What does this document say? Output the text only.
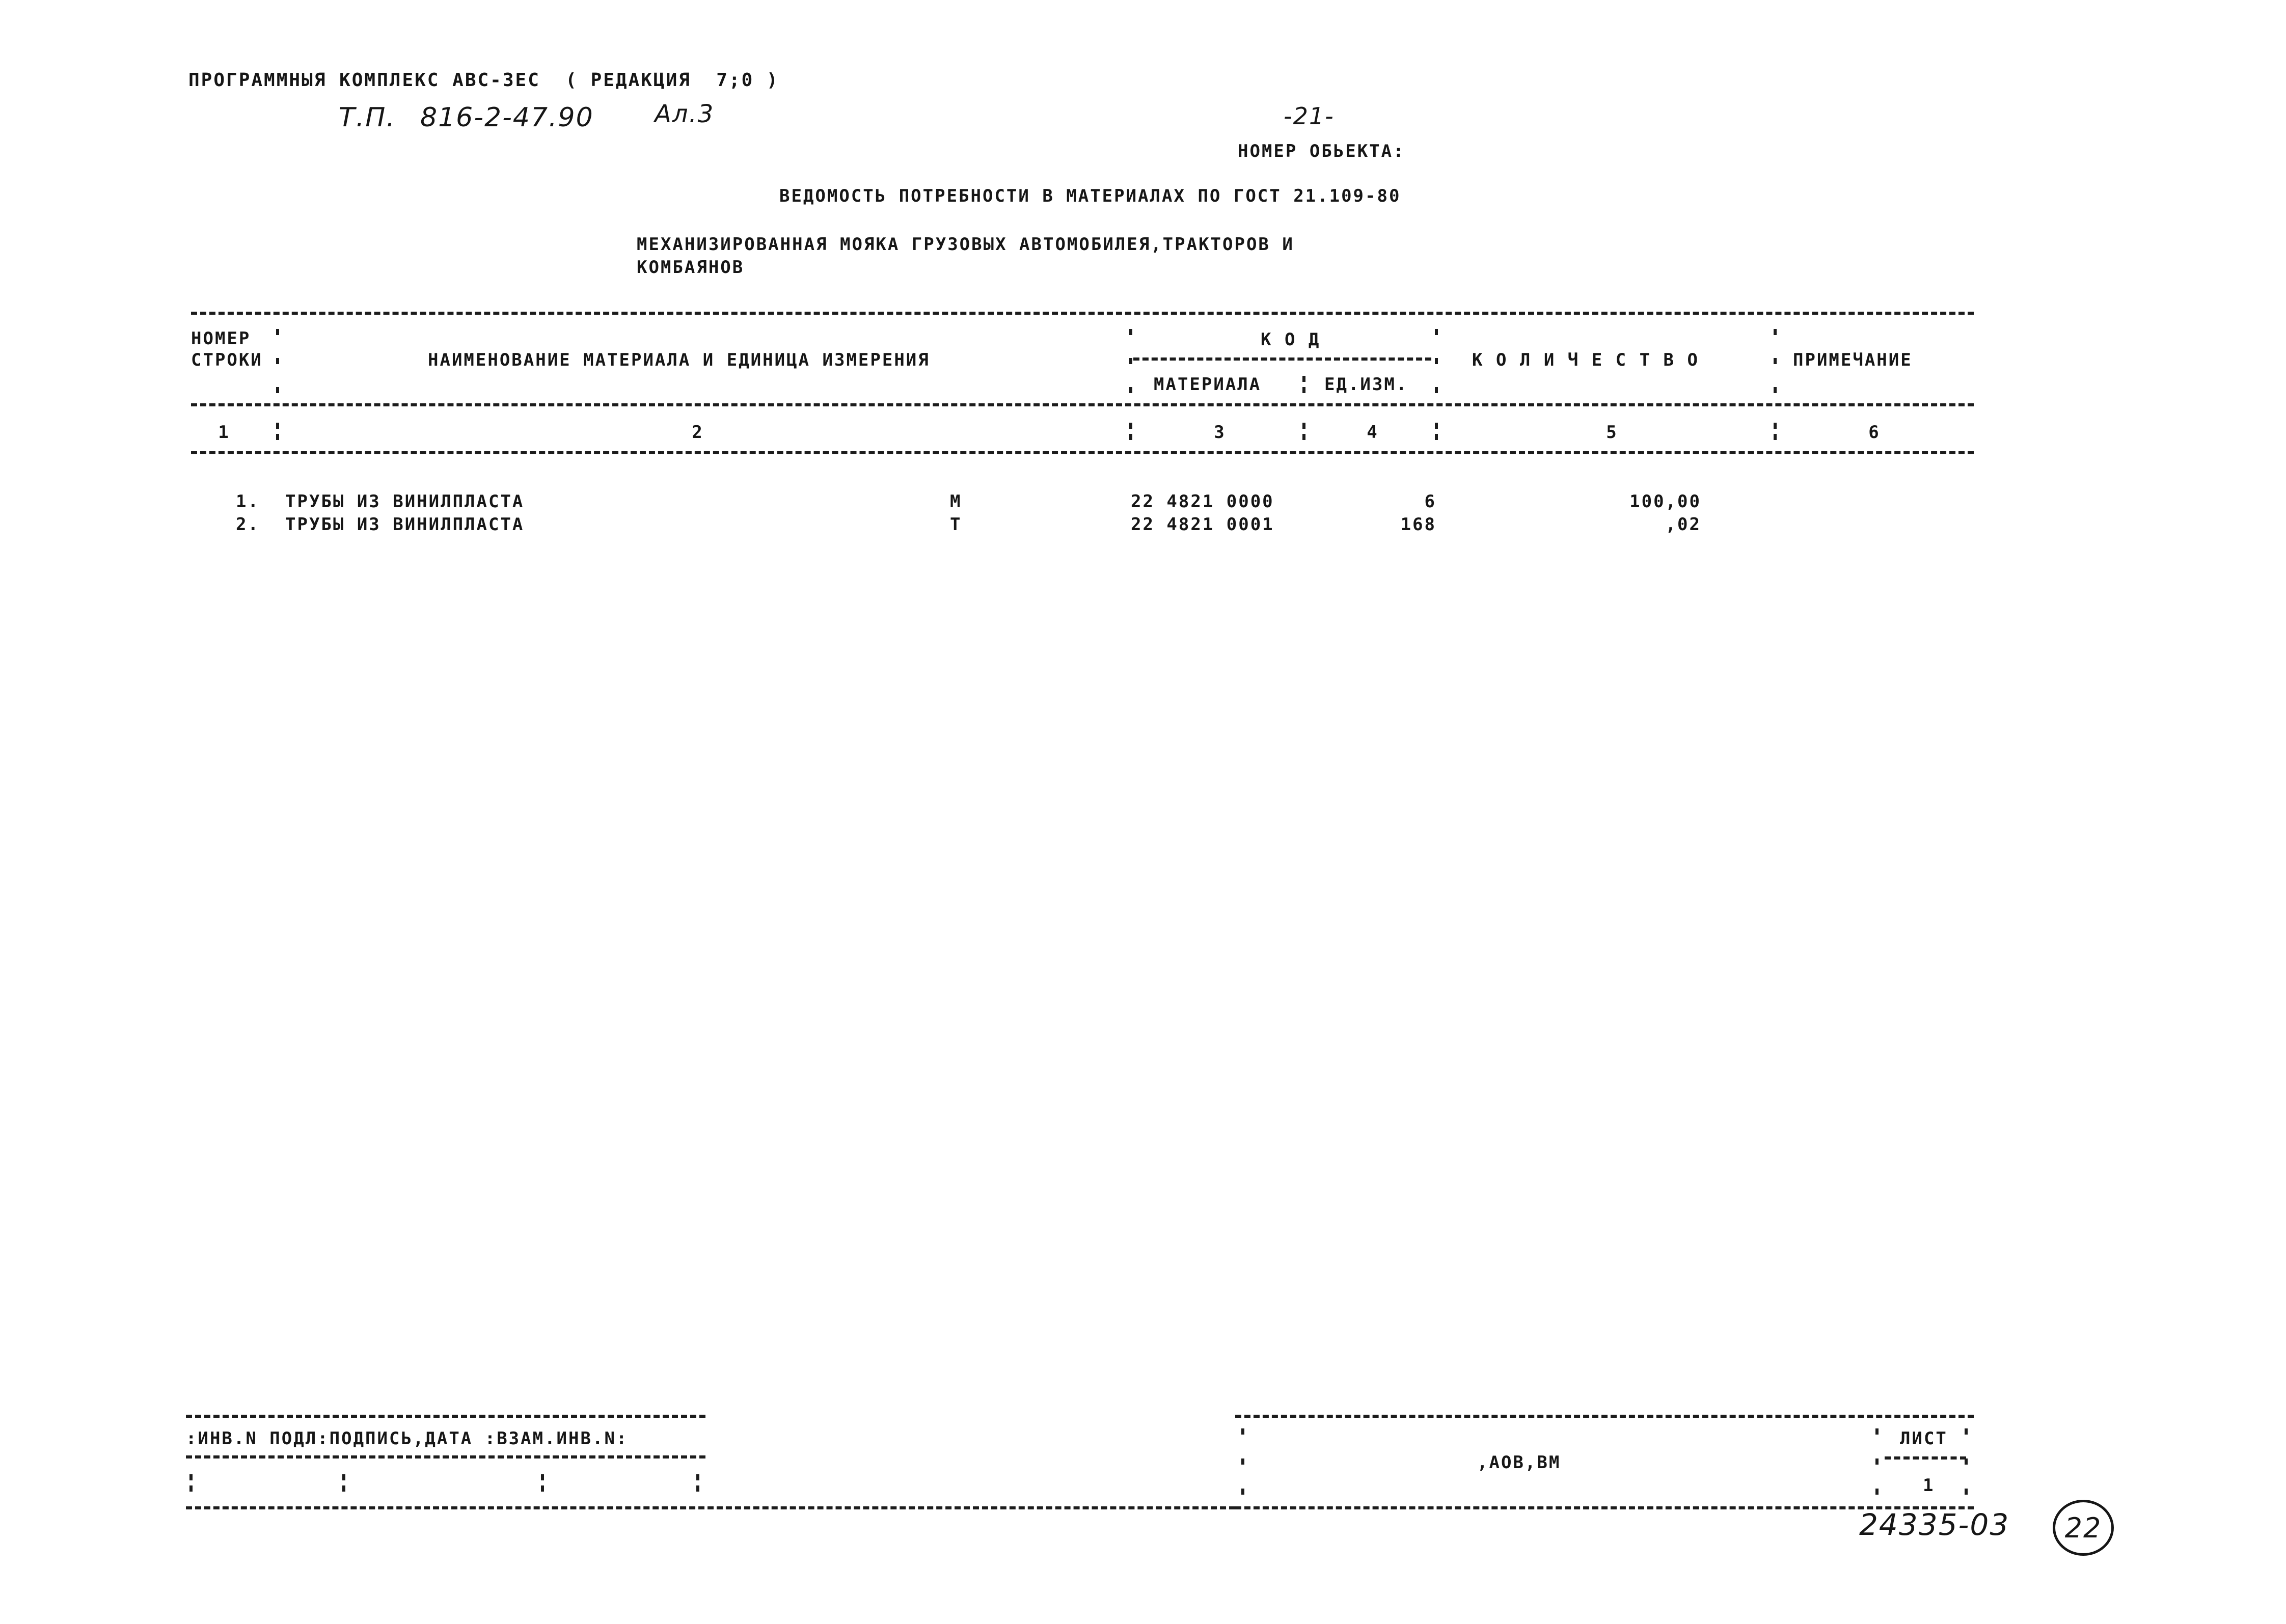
ПРОГРАММНЫЯ КОМПЛЕКС АВС-3ЕС  ( РЕДАКЦИЯ  7;0 )
Т.П. 816-2-47.90 Ал.3	-21-
НОМЕР ОБЬЕКТА:
ВЕДОМОСТЬ ПОТРЕБНОСТИ В МАТЕРИАЛАХ ПО ГОСТ 21.109-80
МЕХАНИЗИРОВАННАЯ МОЯКА ГРУЗОВЫХ АВТОМОБИЛЕЯ,ТРАКТОРОВ И
КОМБАЯНОВ
НОМЕР
СТРОКИ	НАИМЕНОВАНИЕ МАТЕРИАЛА И ЕДИНИЦА ИЗМЕРЕНИЯ
К О Д
МАТЕРИАЛА	ЕД.ИЗМ.
К О Л И Ч Е С Т В О	ПРИМЕЧАНИЕ
1	2	3	4	5	6
1. ТРУБЫ ИЗ ВИНИЛПЛАСТА	М	22 4821 0000	6	100,00
2. ТРУБЫ ИЗ ВИНИЛПЛАСТА	Т	22 4821 0001	168	,02
:ИНВ.N ПОДЛ:ПОДПИСЬ,ДАТА :ВЗАМ.ИНВ.N:
,АОВ,ВМ
ЛИСТ
1
24335-03 22
